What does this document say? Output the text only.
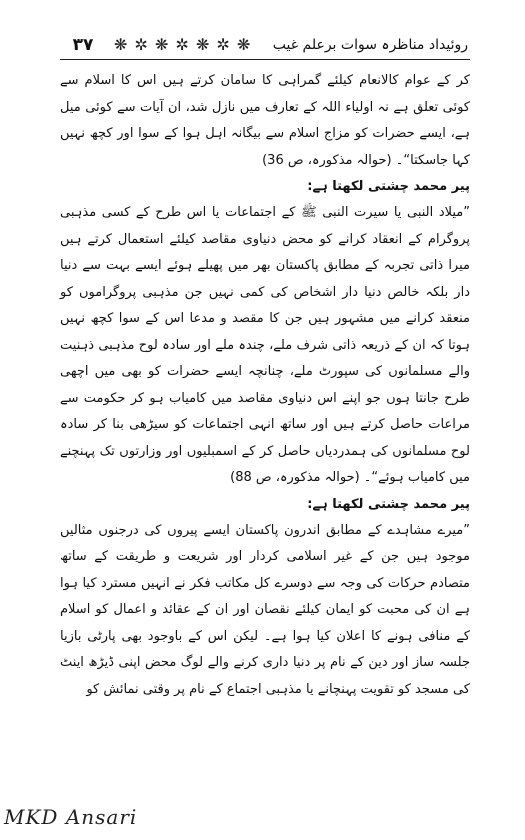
۳۷	❋ ✲ ❋ ✲ ❋ ✲ ❋	روئیداد مناظرہ سوات برعلم غیب

کر کے عوام کالانعام کیلئے گمراہی کا سامان کرتے ہیں اس کا اسلام سے کوئی تعلق ہے نہ اولیاء اللہ کے تعارف میں نازل شد، ان آیات سے کوئی میل ہے، ایسے حضرات کو مزاج اسلام سے بیگانہ اہل ہوا کے سوا اور کچھ نہیں کہا جاسکتا“۔ (حوالہ مذکورہ، ص 36)

پیر محمد چشتی لکھتا ہے:

”میلاد النبی یا سیرت النبی ﷺ کے اجتماعات یا اس طرح کے کسی مذہبی پروگرام کے انعقاد کرانے کو محض دنیاوی مقاصد کیلئے استعمال کرتے ہیں میرا ذاتی تجربہ کے مطابق پاکستان بھر میں پھیلے ہوئے ایسے بہت سے دنیا دار بلکہ خالص دنیا دار اشخاص کی کمی نہیں جن مذہبی پروگراموں کو منعقد کرانے میں مشہور ہیں جن کا مقصد و مدعا اس کے سوا کچھ نہیں ہوتا کہ ان کے ذریعہ ذاتی شرف ملے، چندہ ملے اور سادہ لوح مذہبی ذہنیت والے مسلمانوں کی سپورٹ ملے، چنانچہ ایسے حضرات کو بھی میں اچھی طرح جانتا ہوں جو اپنے اس دنیاوی مقاصد میں کامیاب ہو کر حکومت سے مراعات حاصل کرتے ہیں اور ساتھ انہی اجتماعات کو سیڑھی بنا کر سادہ لوح مسلمانوں کی ہمدردیاں حاصل کر کے اسمبلیوں اور وزارتوں تک پہنچنے میں کامیاب ہوئے“۔ (حوالہ مذکورہ، ص 88)

پیر محمد چشتی لکھتا ہے:

”میرے مشاہدے کے مطابق اندرون پاکستان ایسے پیروں کی درجنوں مثالیں موجود ہیں جن کے غیر اسلامی کردار اور شریعت و طریقت کے ساتھ متصادم حرکات کی وجہ سے دوسرے کل مکاتب فکر نے انہیں مسترد کیا ہوا ہے ان کی محبت کو ایمان کیلئے نقصان اور ان کے عقائد و اعمال کو اسلام کے منافی ہونے کا اعلان کیا ہوا ہے۔ لیکن اس کے باوجود بھی پارٹی بازیا جلسہ ساز اور دین کے نام پر دنیا داری کرنے والے لوگ محض اپنی ڈیڑھ اینٹ کی مسجد کو تقویت پہنچانے یا مذہبی اجتماع کے نام پر وقتی نمائش کو

MKD Ansari
